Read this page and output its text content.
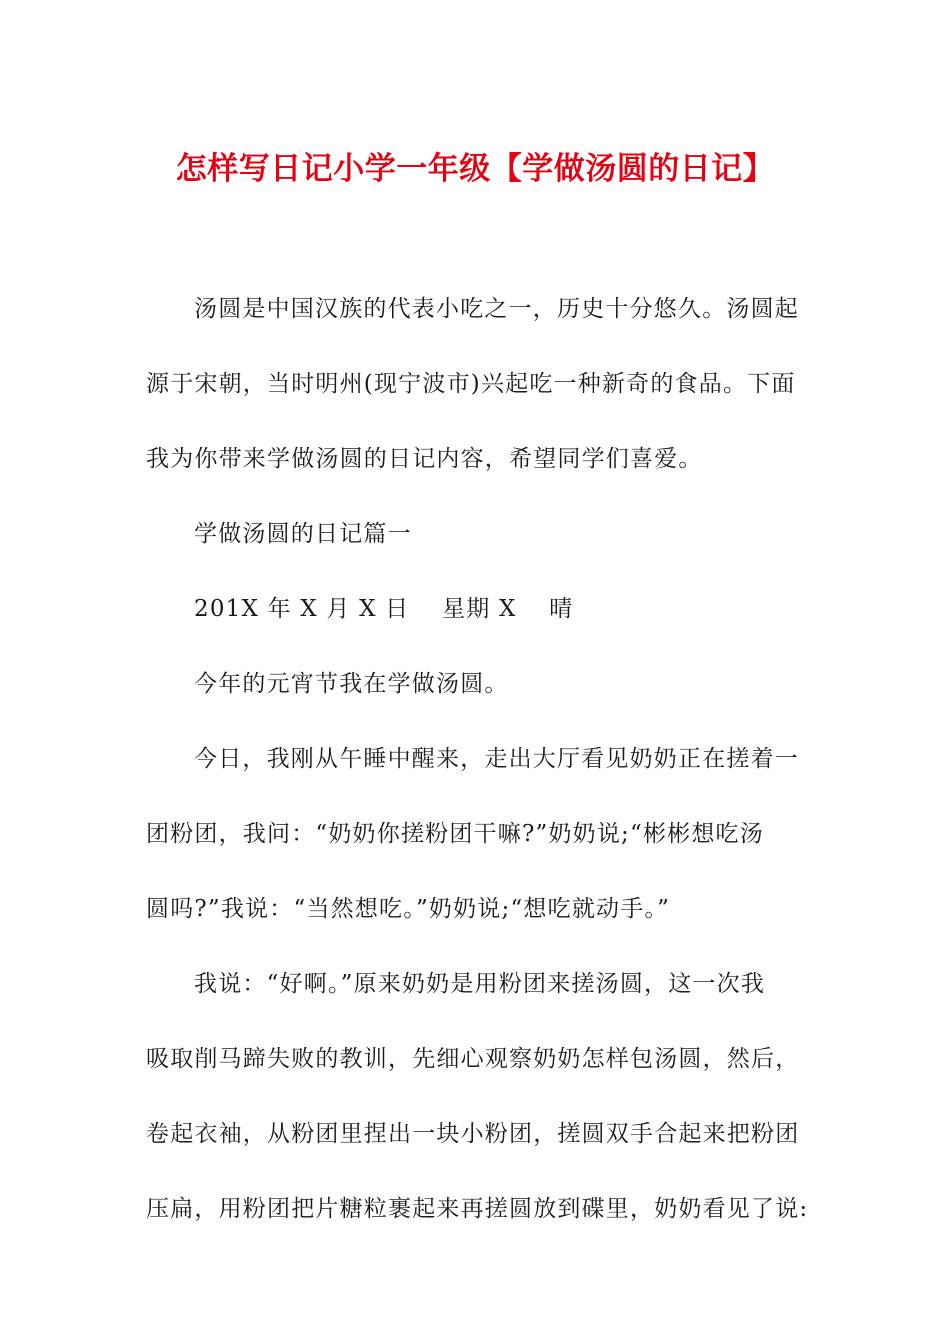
怎样写日记小学一年级【学做汤圆的日记】
汤圆是中国汉族的代表小吃之一，历史十分悠久。汤圆起
源于宋朝，当时明州(现宁波市)兴起吃一种新奇的食品。下面
我为你带来学做汤圆的日记内容，希望同学们喜爱。
学做汤圆的日记篇一
201X 年 X 月 X 日　 星期 X　 晴
今年的元宵节我在学做汤圆。
今日，我刚从午睡中醒来，走出大厅看见奶奶正在搓着一
团粉团，我问：“奶奶你搓粉团干嘛?”奶奶说;“彬彬想吃汤
圆吗?”我说：“当然想吃。”奶奶说;“想吃就动手。”
我说：“好啊。”原来奶奶是用粉团来搓汤圆，这一次我
吸取削马蹄失败的教训，先细心观察奶奶怎样包汤圆，然后，
卷起衣袖，从粉团里捏出一块小粉团，搓圆双手合起来把粉团
压扁，用粉团把片糖粒裹起来再搓圆放到碟里，奶奶看见了说:
